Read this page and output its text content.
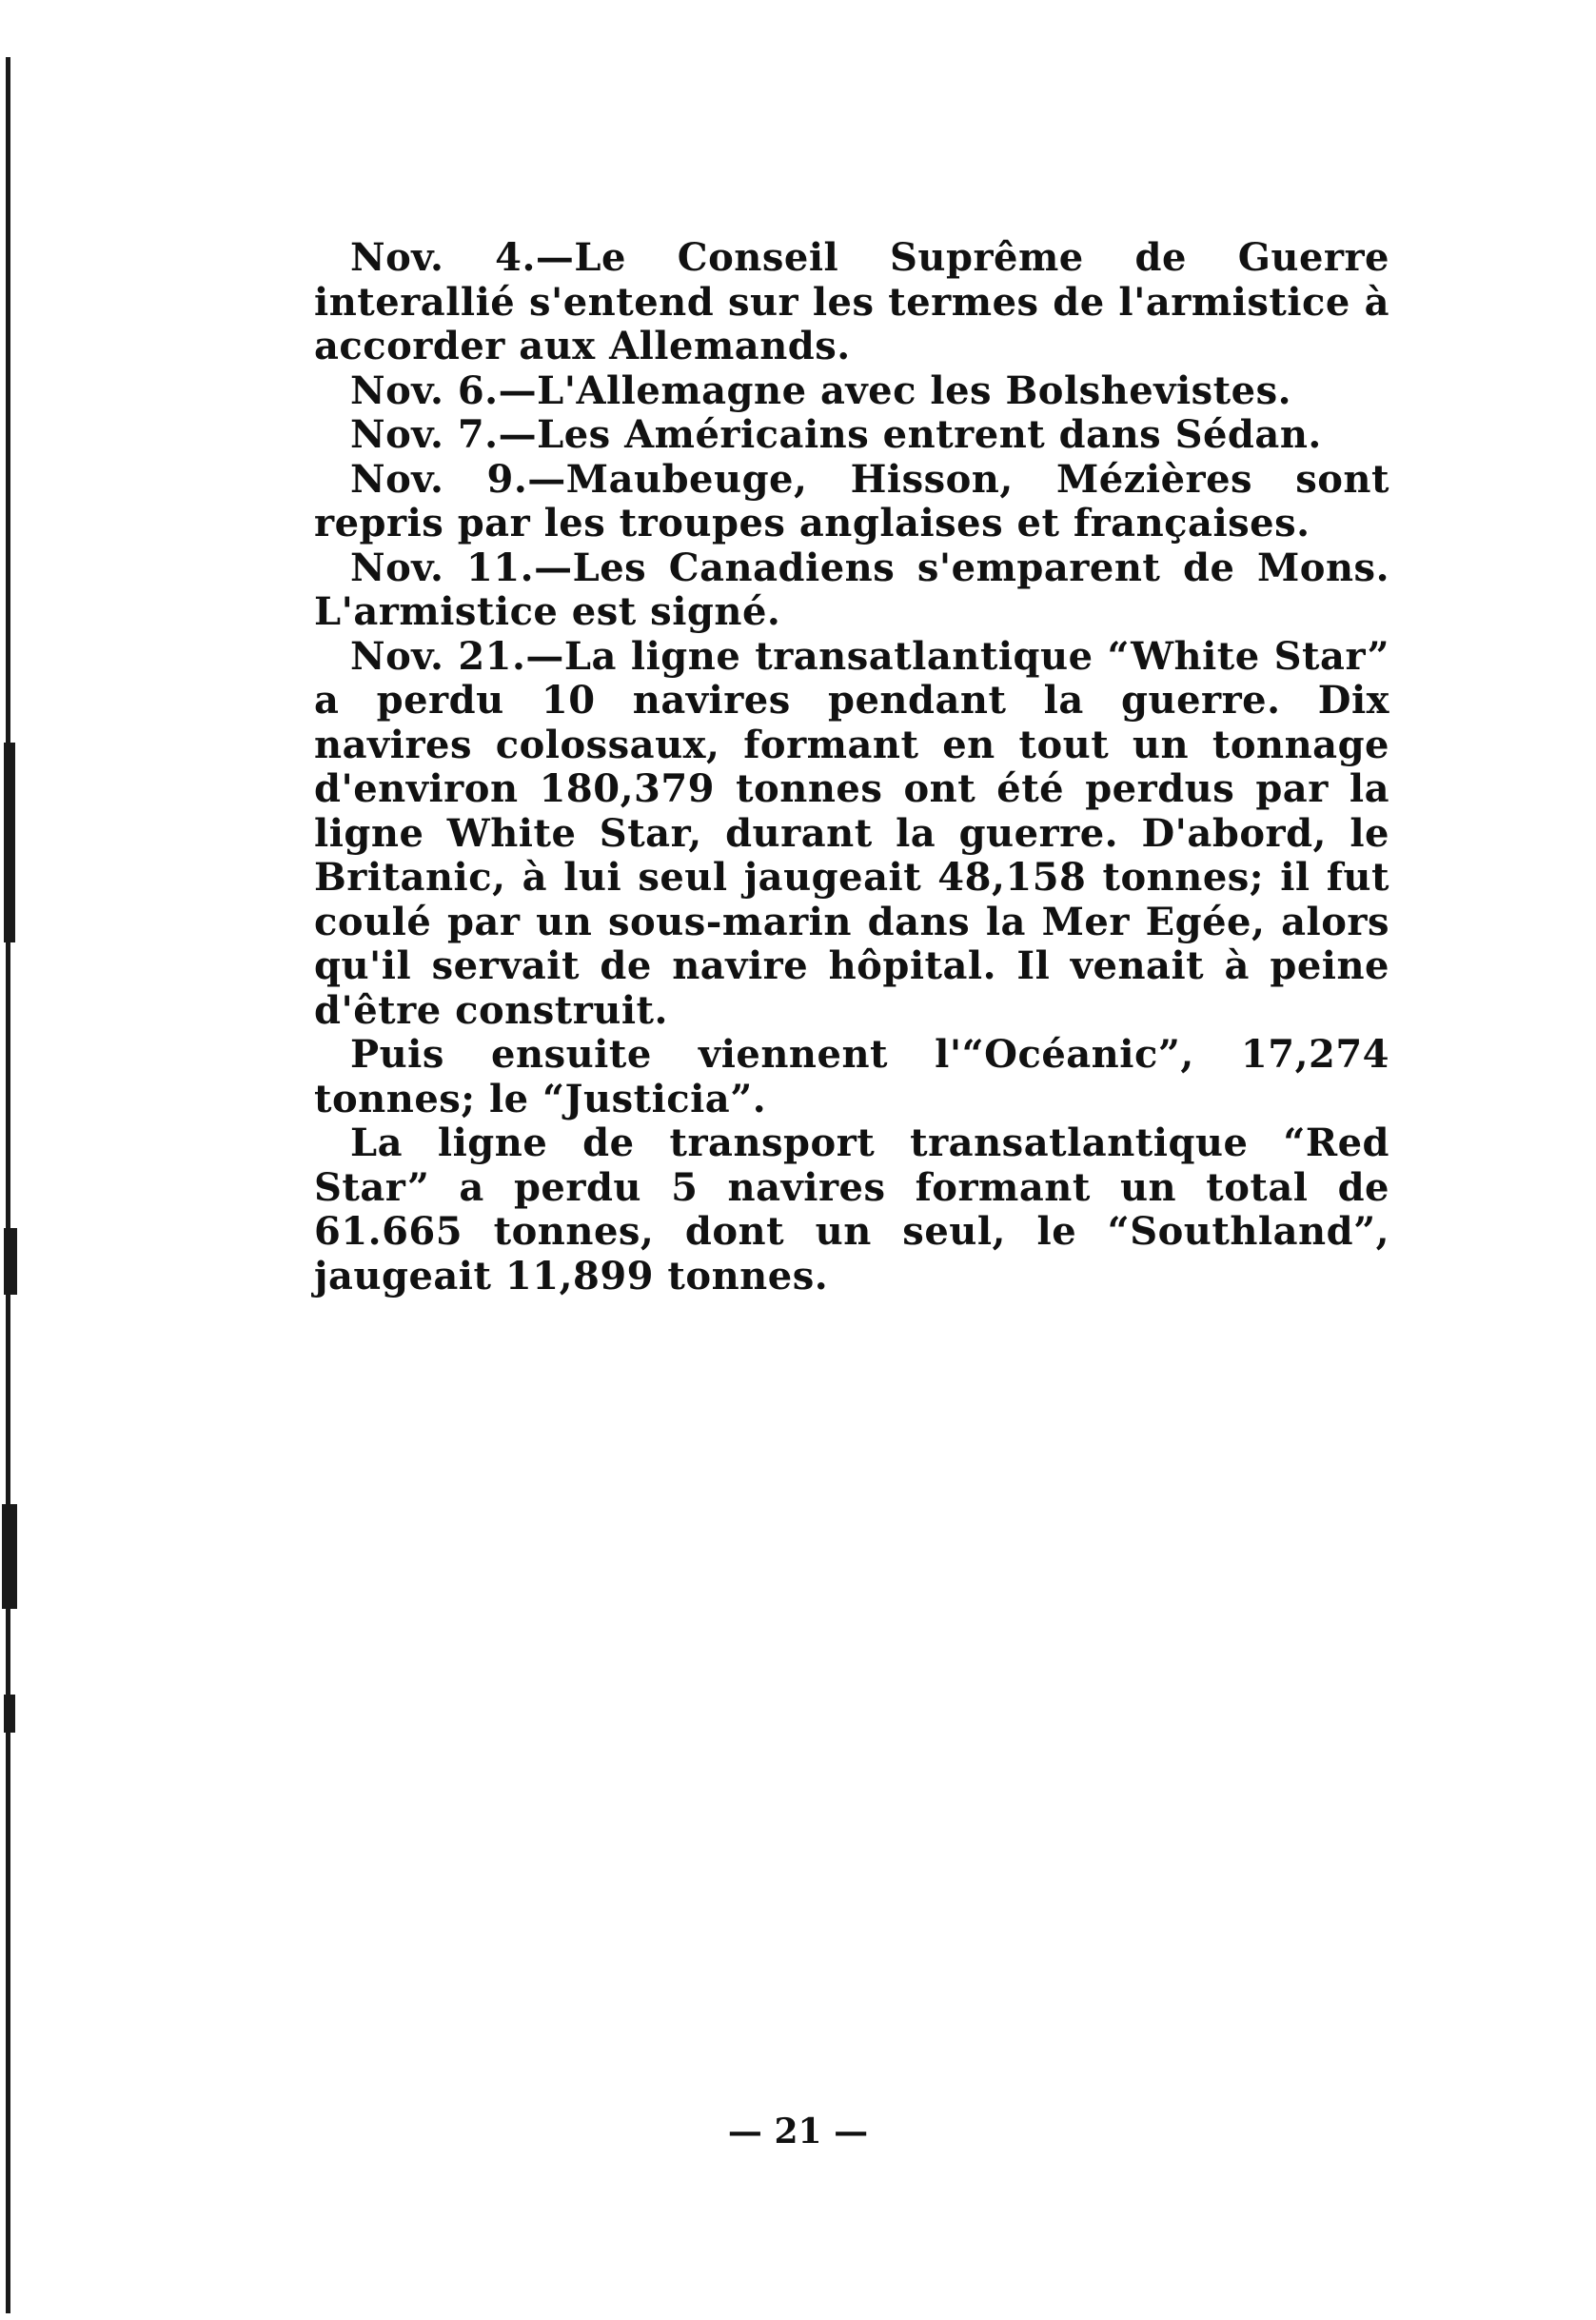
Nov. 4.—Le Conseil Suprême de Guerre interallié s'entend sur les termes de l'armistice à accorder aux Allemands.

Nov. 6.—L'Allemagne avec les Bolshevistes.

Nov. 7.—Les Américains entrent dans Sédan.

Nov. 9.—Maubeuge, Hisson, Mézières sont repris par les troupes anglaises et françaises.

Nov. 11.—Les Canadiens s'emparent de Mons. L'armistice est signé.

Nov. 21.—La ligne transatlantique “White Star” a perdu 10 navires pendant la guerre. Dix navires colossaux, formant en tout un tonnage d'environ 180,379 tonnes ont été perdus par la ligne White Star, durant la guerre. D'abord, le Britanic, à lui seul jaugeait 48,158 tonnes; il fut coulé par un sous-marin dans la Mer Egée, alors qu'il servait de navire hôpital. Il venait à peine d'être construit.

Puis ensuite viennent l'“Océanic”, 17,274 tonnes; le “Justicia”.

La ligne de transport transatlantique “Red Star” a perdu 5 navires formant un total de 61.665 tonnes, dont un seul, le “Southland”, jaugeait 11,899 tonnes.

— 21 —
